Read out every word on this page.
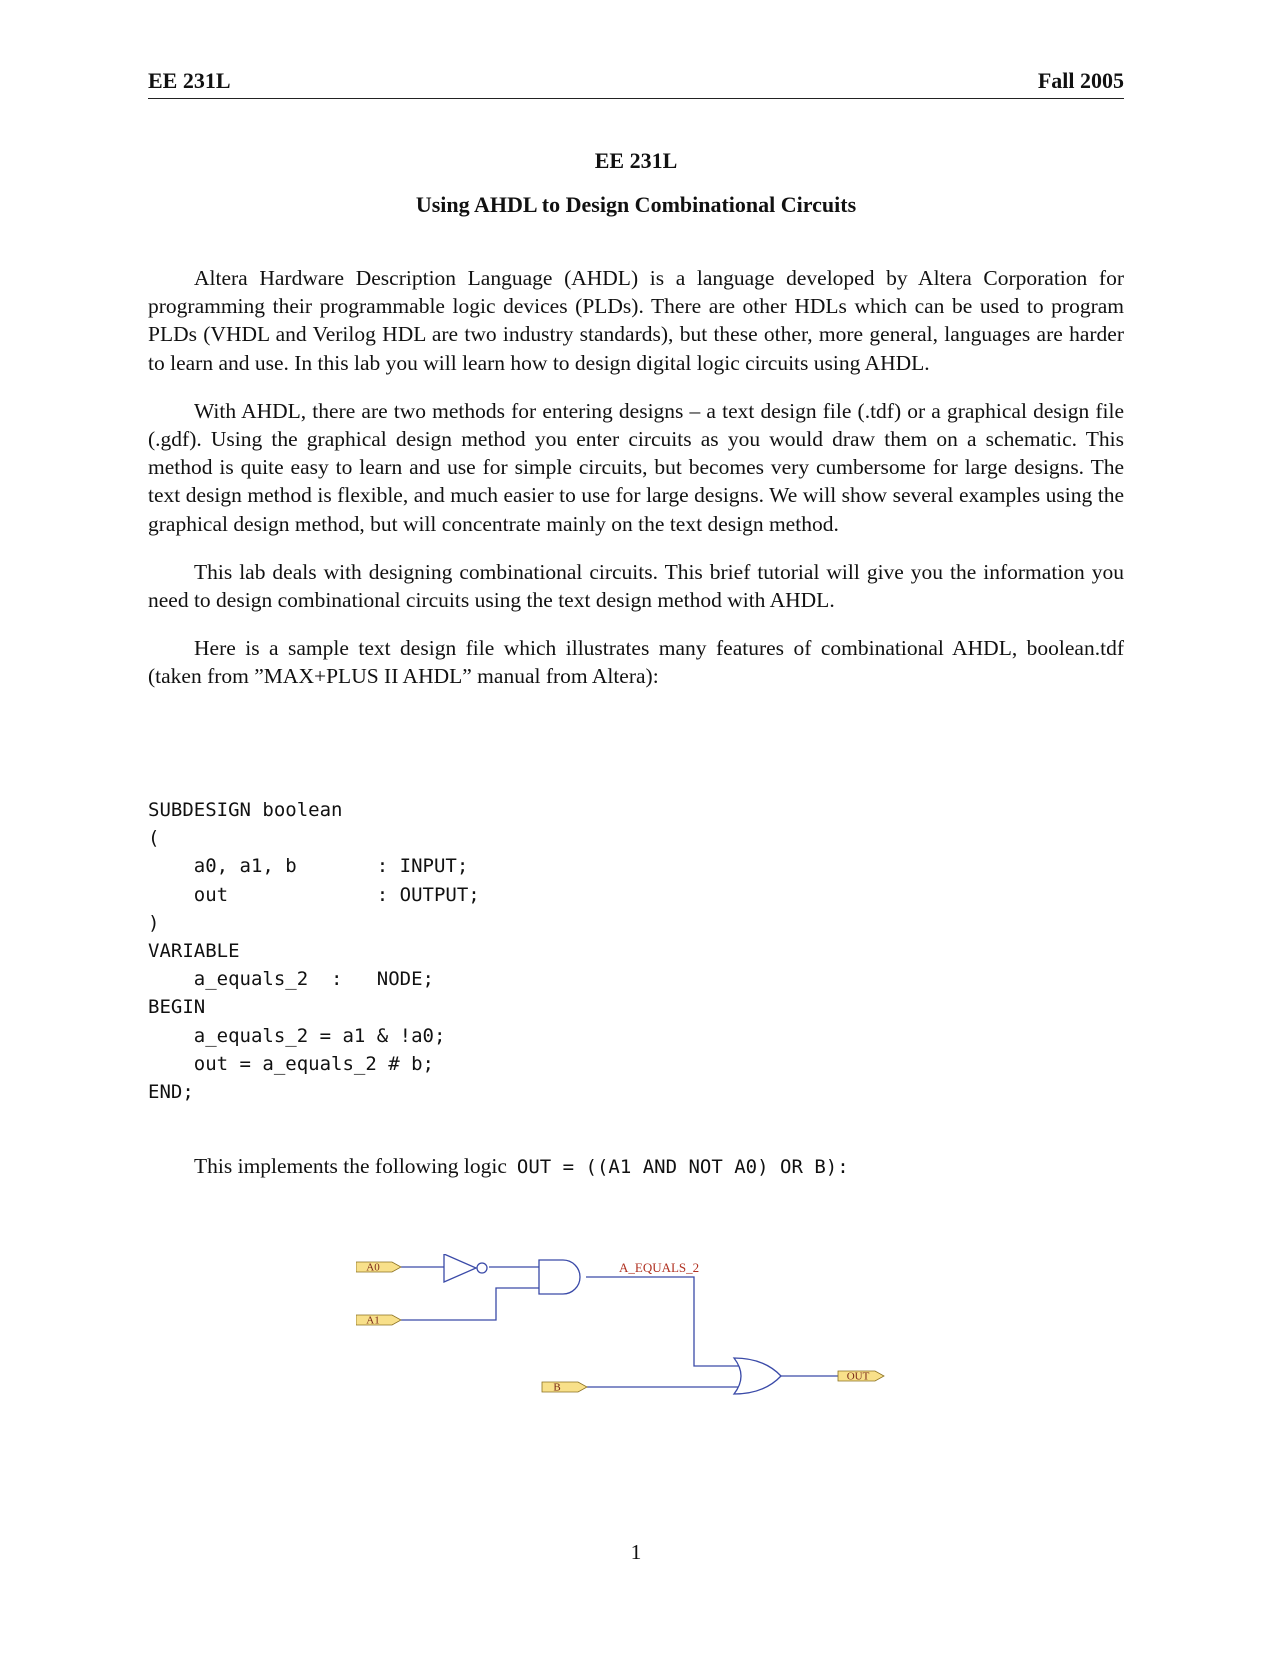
EE 231L	Fall 2005
EE 231L
Using AHDL to Design Combinational Circuits

Altera Hardware Description Language (AHDL) is a language developed by Altera Corporation for programming their programmable logic devices (PLDs). There are other HDLs which can be used to program PLDs (VHDL and Verilog HDL are two industry standards), but these other, more general, languages are harder to learn and use. In this lab you will learn how to design digital logic circuits using AHDL.

With AHDL, there are two methods for entering designs – a text design file (.tdf) or a graphical design file (.gdf). Using the graphical design method you enter circuits as you would draw them on a schematic. This method is quite easy to learn and use for simple circuits, but becomes very cumbersome for large designs. The text design method is flexible, and much easier to use for large designs. We will show several examples using the graphical design method, but will concentrate mainly on the text design method.

This lab deals with designing combinational circuits. This brief tutorial will give you the information you need to design combinational circuits using the text design method with AHDL.

Here is a sample text design file which illustrates many features of combinational AHDL, boolean.tdf (taken from ”MAX+PLUS II AHDL” manual from Altera):

SUBDESIGN boolean
(
a0, a1, b       : INPUT;
out             : OUTPUT;
)
VARIABLE
a_equals_2  :   NODE;
BEGIN
a_equals_2 = a1 & !a0;
out = a_equals_2 # b;
END;
This implements the following logic OUT = ((A1 AND NOT A0) OR B):
A0
A1
B
OUT
A_EQUALS_2
1
